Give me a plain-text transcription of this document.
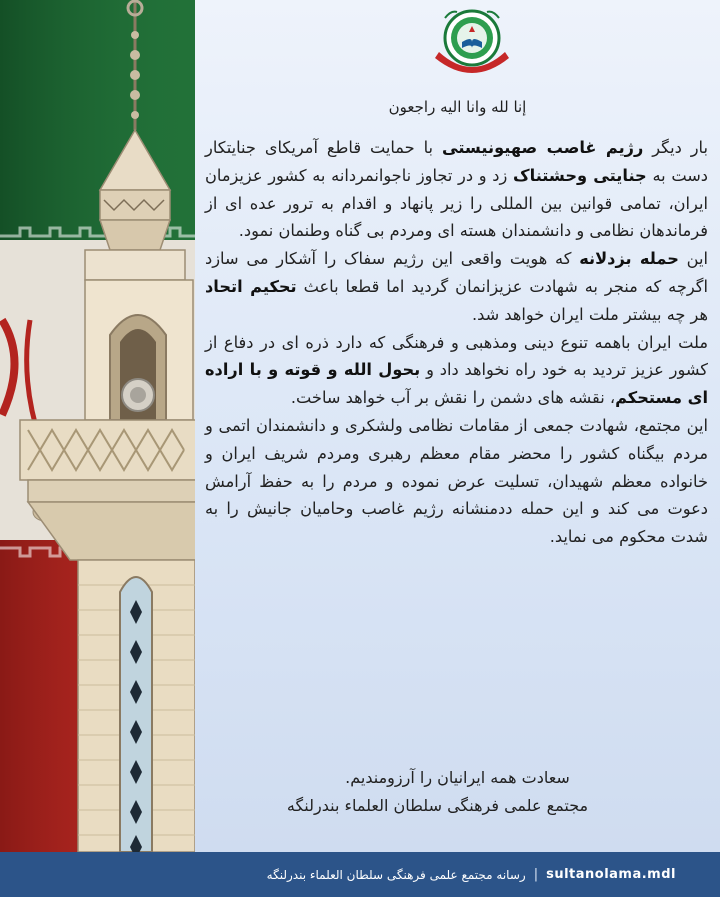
إنا لله وانا اليه راجعون

بار دیگر رژیم غاصب صهیونیستی با حمایت قاطع آمریکای جنایتکار دست به جنایتی وحشتناک زد و در تجاوز ناجوانمردانه به کشور عزیزمان ایران، تمامی قوانین بین المللی را زیر پانهاد و اقدام به ترور عده ای از فرماندهان نظامی و دانشمندان هسته ای ومردم بی گناه وطنمان نمود.

این حمله بزدلانه که هویت واقعی این رژیم سفاک را آشکار می سازد اگرچه که منجر به شهادت عزیزانمان گردید اما قطعا باعث تحکیم اتحاد هر چه بیشتر ملت ایران خواهد شد.

ملت ایران باهمه تنوع دینی ومذهبی و فرهنگی که دارد ذره ای در دفاع از کشور عزیز تردید به خود راه نخواهد داد و بحول الله و قوته و با اراده ای مستحکم، نقشه های دشمن را نقش بر آب خواهد ساخت.

این مجتمع، شهادت جمعی از مقامات نظامی ولشکری و دانشمندان اتمی و مردم بیگناه کشور را محضر مقام معظم رهبری ومردم شریف ایران و خانواده معظم شهیدان، تسلیت عرض نموده و مردم را به حفظ آرامش دعوت می کند و این حمله ددمنشانه رژیم غاصب وحامیان جانیش را به شدت محکوم می نماید.

سعادت همه ایرانیان را آرزومندیم.

مجتمع علمی فرهنگی سلطان العلماء بندرلنگه

رسانه مجتمع علمی فرهنگی سلطان العلماء بندرلنگه | sultanolama.mdl
